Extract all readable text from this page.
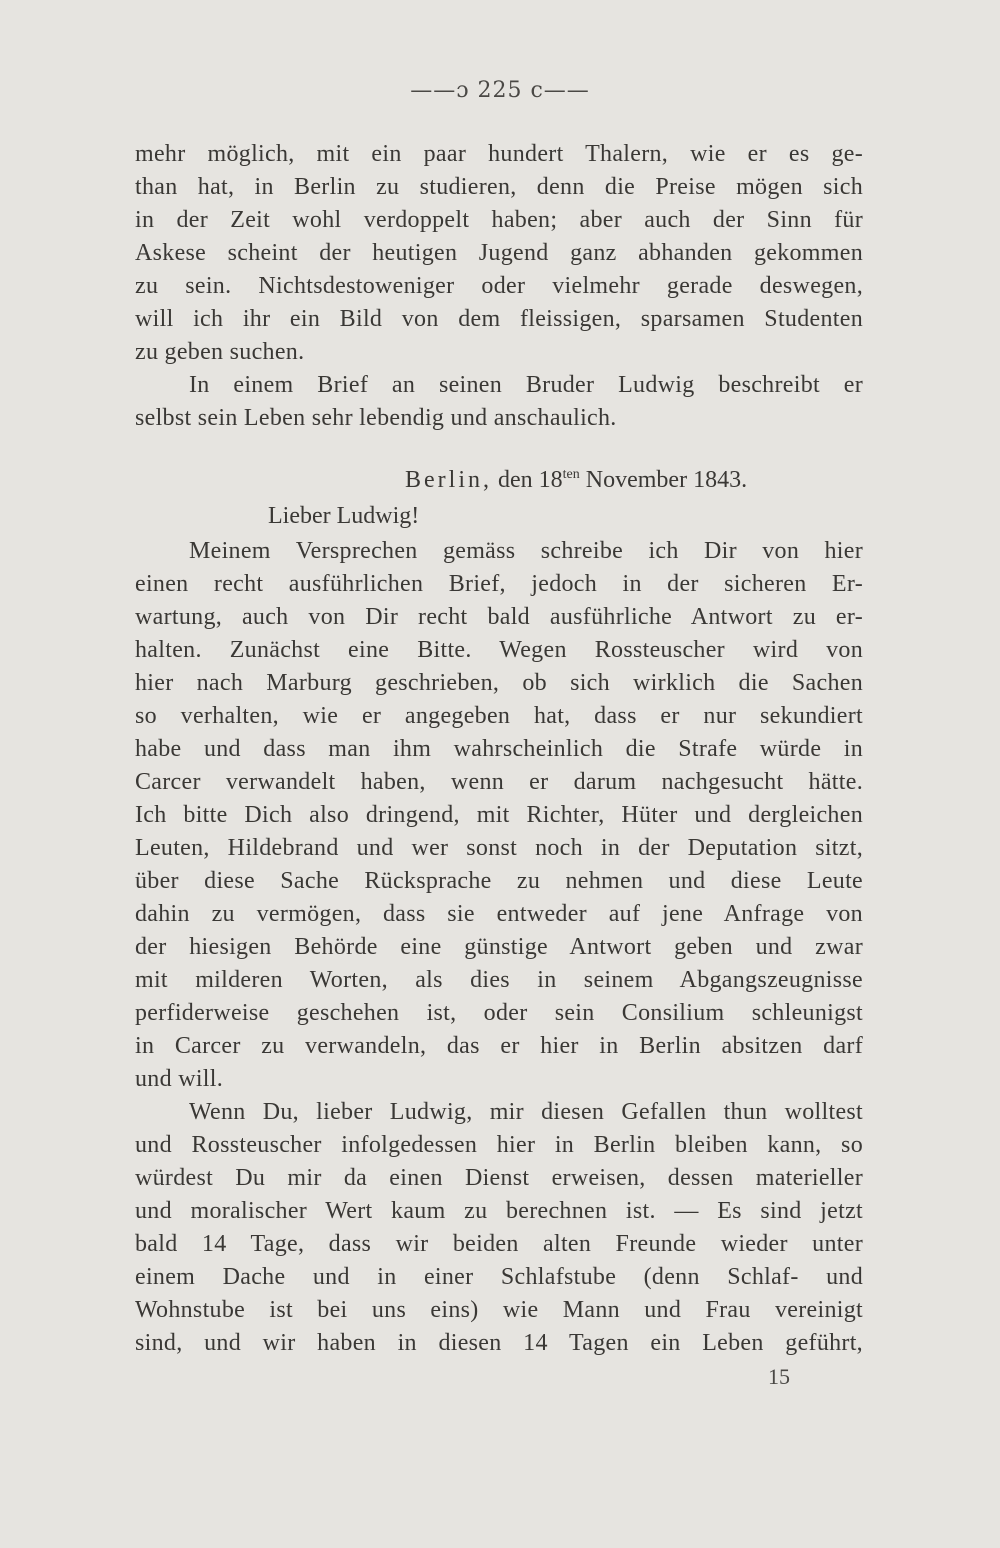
——ɔ 225 c——
mehr möglich, mit ein paar hundert Thalern, wie er es ge-
than hat, in Berlin zu studieren, denn die Preise mögen sich
in der Zeit wohl verdoppelt haben; aber auch der Sinn für
Askese scheint der heutigen Jugend ganz abhanden gekommen
zu sein. Nichtsdestoweniger oder vielmehr gerade deswegen,
will ich ihr ein Bild von dem fleissigen, sparsamen Studenten
zu geben suchen.
In einem Brief an seinen Bruder Ludwig beschreibt er
selbst sein Leben sehr lebendig und anschaulich.
Berlin, den $18^{ten}$ November 1843.
Lieber Ludwig!
Meinem Versprechen gemäss schreibe ich Dir von hier
einen recht ausführlichen Brief, jedoch in der sicheren Er-
wartung, auch von Dir recht bald ausführliche Antwort zu er-
halten. Zunächst eine Bitte. Wegen Rossteuscher wird von
hier nach Marburg geschrieben, ob sich wirklich die Sachen
so verhalten, wie er angegeben hat, dass er nur sekundiert
habe und dass man ihm wahrscheinlich die Strafe würde in
Carcer verwandelt haben, wenn er darum nachgesucht hätte.
Ich bitte Dich also dringend, mit Richter, Hüter und dergleichen
Leuten, Hildebrand und wer sonst noch in der Deputation sitzt,
über diese Sache Rücksprache zu nehmen und diese Leute
dahin zu vermögen, dass sie entweder auf jene Anfrage von
der hiesigen Behörde eine günstige Antwort geben und zwar
mit milderen Worten, als dies in seinem Abgangszeugnisse
perfiderweise geschehen ist, oder sein Consilium schleunigst
in Carcer zu verwandeln, das er hier in Berlin absitzen darf
und will.
Wenn Du, lieber Ludwig, mir diesen Gefallen thun wolltest
und Rossteuscher infolgedessen hier in Berlin bleiben kann, so
würdest Du mir da einen Dienst erweisen, dessen materieller
und moralischer Wert kaum zu berechnen ist. — Es sind jetzt
bald 14 Tage, dass wir beiden alten Freunde wieder unter
einem Dache und in einer Schlafstube (denn Schlaf- und
Wohnstube ist bei uns eins) wie Mann und Frau vereinigt
sind, und wir haben in diesen 14 Tagen ein Leben geführt,
15
